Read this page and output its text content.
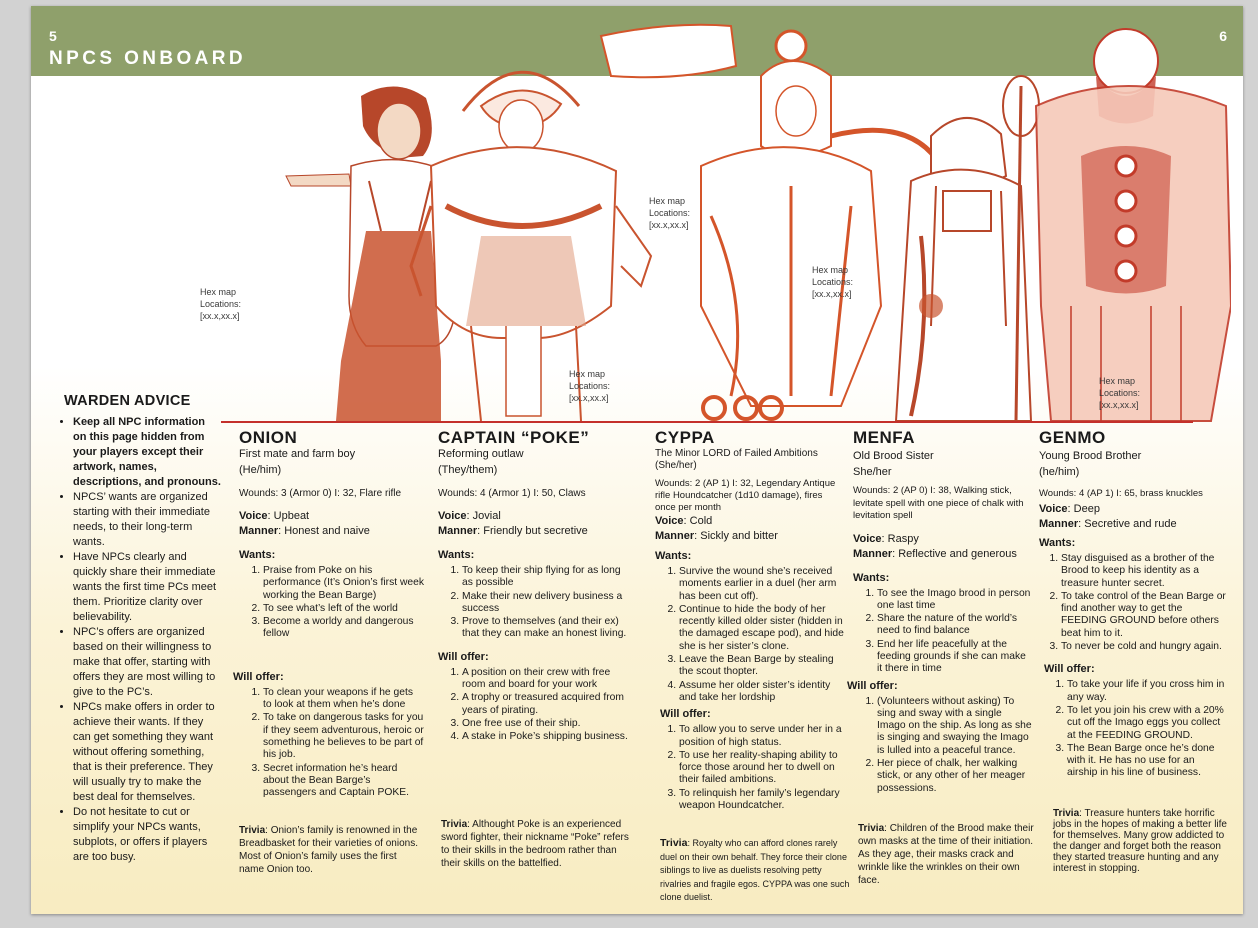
5	6
NPCS ONBOARD
Hex map
Locations:
[xx.x,xx.x]
Hex map
Locations:
[xx.x,xx.x]
Hex map
Locations:
[xx.x,xx.x]
Hex map
Locations:
[xx.x,xx.x]
Hex map
Locations:
[xx.x,xx.x]
WARDEN ADVICE
• Keep all NPC information on this page hidden from your players except their artwork, names, descriptions, and pronouns.
• NPCS’ wants are organized starting with their immediate needs, to their long-term wants.
• Have NPCs clearly and quickly share their immediate wants the first time PCs meet them. Prioritize clarity over believability.
• NPC’s offers are organized based on their willingness to make that offer, starting with offers they are most willing to give to the PC’s.
• NPCs make offers in order to achieve their wants. If they can get something they want without offering something, that is their preference. They will usually try to make the best deal for themselves.
• Do not hesitate to cut or simplify your NPCs wants, subplots, or offers if players are too busy.
ONION
First mate and farm boy
(He/him)
Wounds: 3 (Armor 0) I: 32, Flare rifle
Voice: Upbeat
Manner: Honest and naive
Wants:
1. Praise from Poke on his performance (It’s Onion’s first week working the Bean Barge)
2. To see what’s left of the world
3. Become a worldy and dangerous fellow
Will offer:
1. To clean your weapons if he gets to look at them when he’s done
2. To take on dangerous tasks for you if they seem adventurous, heroic or something he believes to be part of his job.
3. Secret information he’s heard about the Bean Barge’s passengers and Captain POKE.
Trivia: Onion’s family is renowned in the Breadbasket for their varieties of onions. Most of Onion’s family uses the first name Onion too.
CAPTAIN “POKE”
Reforming outlaw
(They/them)
Wounds: 4 (Armor 1) I: 50, Claws
Voice: Jovial
Manner: Friendly but secretive
Wants:
1. To keep their ship flying for as long as possible
2. Make their new delivery business a success
3. Prove to themselves (and their ex) that they can make an honest living.
Will offer:
1. A position on their crew with free room and board for your work
2. A trophy or treasured acquired from years of pirating.
3. One free use of their ship.
4. A stake in Poke’s shipping business.
Trivia: Althought Poke is an experienced sword fighter, their nickname “Poke” refers to their skills in the bedroom rather than their skills on the battelfied.
CYPPA
The Minor LORD of Failed Ambitions
(She/her)
Wounds: 2 (AP 1) I: 32, Legendary Antique rifle Houndcatcher (1d10 damage), fires once per month
Voice: Cold
Manner: Sickly and bitter
Wants:
1. Survive the wound she’s received moments earlier in a duel (her arm has been cut off).
2. Continue to hide the body of her recently killed older sister (hidden in the damaged escape pod), and hide she is her sister’s clone.
3. Leave the Bean Barge by stealing the scout thopter.
4. Assume her older sister’s identity and take her lordship
Will offer:
1. To allow you to serve under her in a position of high status.
2. To use her reality-shaping ability to force those around her to dwell on their failed ambitions.
3. To relinquish her family’s legendary weapon Houndcatcher.
Trivia: Royalty who can afford clones rarely duel on their own behalf. They force their clone siblings to live as duelists resolving petty rivalries and fragile egos. CYPPA was one such clone duelist.
MENFA
Old Brood Sister
She/her
Wounds: 2 (AP 0) I: 38, Walking stick, levitate spell with one piece of chalk with levitation spell
Voice: Raspy
Manner: Reflective and generous
Wants:
1. To see the Imago brood in person one last time
2. Share the nature of the world’s need to find balance
3. End her life peacefully at the feeding grounds if she can make it there in time
Will offer:
1. (Volunteers without asking) To sing and sway with a single Imago on the ship. As long as she is singing and swaying the Imago is lulled into a peaceful trance.
2. Her piece of chalk, her walking stick, or any other of her meager possessions.
Trivia: Children of the Brood make their own masks at the time of their initiation. As they age, their masks crack and wrinkle like the wrinkles on their own face.
GENMO
Young Brood Brother
(he/him)
Wounds: 4 (AP 1) I: 65, brass knuckles
Voice: Deep
Manner: Secretive and rude
Wants:
1. Stay disguised as a brother of the Brood to keep his identity as a treasure hunter secret.
2. To take control of the Bean Barge or find another way to get the FEEDING GROUND before others beat him to it.
3. To never be cold and hungry again.
Will offer:
1. To take your life if you cross him in any way.
2. To let you join his crew with a 20% cut off the Imago eggs you collect at the FEEDING GROUND.
3. The Bean Barge once he’s done with it. He has no use for an airship in his line of business.
Trivia: Treasure hunters take horrific jobs in the hopes of making a better life for themselves. Many grow addicted to the danger and forget both the reason they started treasure hunting and any interest in stopping.
